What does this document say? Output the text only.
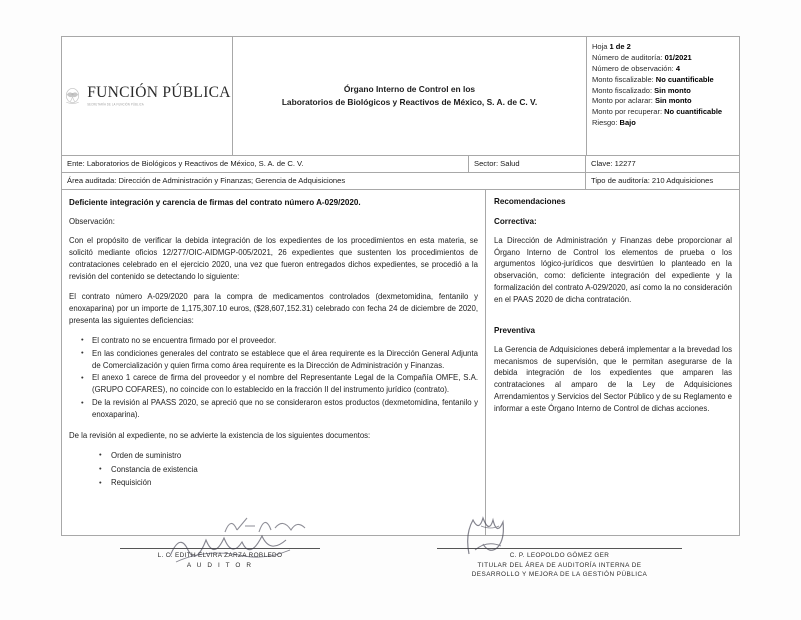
FUNCIÓN PÚBLICA
SECRETARÍA DE LA FUNCIÓN PÚBLICA
Órgano Interno de Control en los
Laboratorios de Biológicos y Reactivos de México, S. A. de C. V.

Hoja 1 de 2

Número de auditoría: 01/2021

Número de observación: 4

Monto fiscalizable: No cuantificable

Monto fiscalizado: Sin monto

Monto por aclarar: Sin monto

Monto por recuperar: No cuantificable

Riesgo: Bajo

Ente: Laboratorios de Biológicos y Reactivos de México, S. A. de C. V.	Sector: Salud	Clave: 12277
Área auditada: Dirección de Administración y Finanzas; Gerencia de Adquisiciones	Tipo de auditoría: 210 Adquisiciones

Deficiente integración y carencia de firmas del contrato número A-029/2020.

Observación:

Con el propósito de verificar la debida integración de los expedientes de los procedimientos en esta materia, se solicitó mediante oficios 12/277/OIC-AIDMGP-005/2021, 26 expedientes que sustenten los procedimientos de contrataciones celebrado en el ejercicio 2020, una vez que fueron entregados dichos expedientes, se procedió a la revisión del contenido se detectando lo siguiente:

El contrato número A-029/2020 para la compra de medicamentos controlados (dexmetomidina, fentanilo y enoxaparina) por un importe de 1,175,307.10 euros, ($28,607,152.31) celebrado con fecha 24 de diciembre de 2020, presenta las siguientes deficiencias:

• El contrato no se encuentra firmado por el proveedor.
• En las condiciones generales del contrato se establece que el área requirente es la Dirección General Adjunta de Comercialización y quien firma como área requirente es la Dirección de Administración y Finanzas.
• El anexo 1 carece de firma del proveedor y el nombre del Representante Legal de la Compañía OMFE, S.A. (GRUPO COFARES), no coincide con lo establecido en la fracción II del instrumento jurídico (contrato).
• De la revisión al PAASS 2020, se apreció que no se consideraron estos productos (dexmetomidina, fentanilo y enoxaparina).

De la revisión al expediente, no se advierte la existencia de los siguientes documentos:

• Orden de suministro
• Constancia de existencia
• Requisición

Recomendaciones

Correctiva:

La Dirección de Administración y Finanzas debe proporcionar al Órgano Interno de Control los elementos de prueba o los argumentos lógico-jurídicos que desvirtúen lo planteado en la observación, como: deficiente integración del expediente y la formalización del contrato A-029/2020, así como la no consideración en el PAAS 2020 de dicha contratación.

Preventiva

La Gerencia de Adquisiciones deberá implementar a la brevedad los mecanismos de supervisión, que le permitan asegurarse de la debida integración de los expedientes que amparen las contrataciones al amparo de la Ley de Adquisiciones Arrendamientos y Servicios del Sector Público y de su Reglamento e informar a este Órgano Interno de Control de dichas acciones.

L. C. EDITH ELVIRA ZARZA ROBLEDO
A U D I T O R
C. P. LEOPOLDO GÓMEZ GER
TITULAR DEL ÁREA DE AUDITORÍA INTERNA DE
DESARROLLO Y MEJORA DE LA GESTIÓN PÚBLICA
